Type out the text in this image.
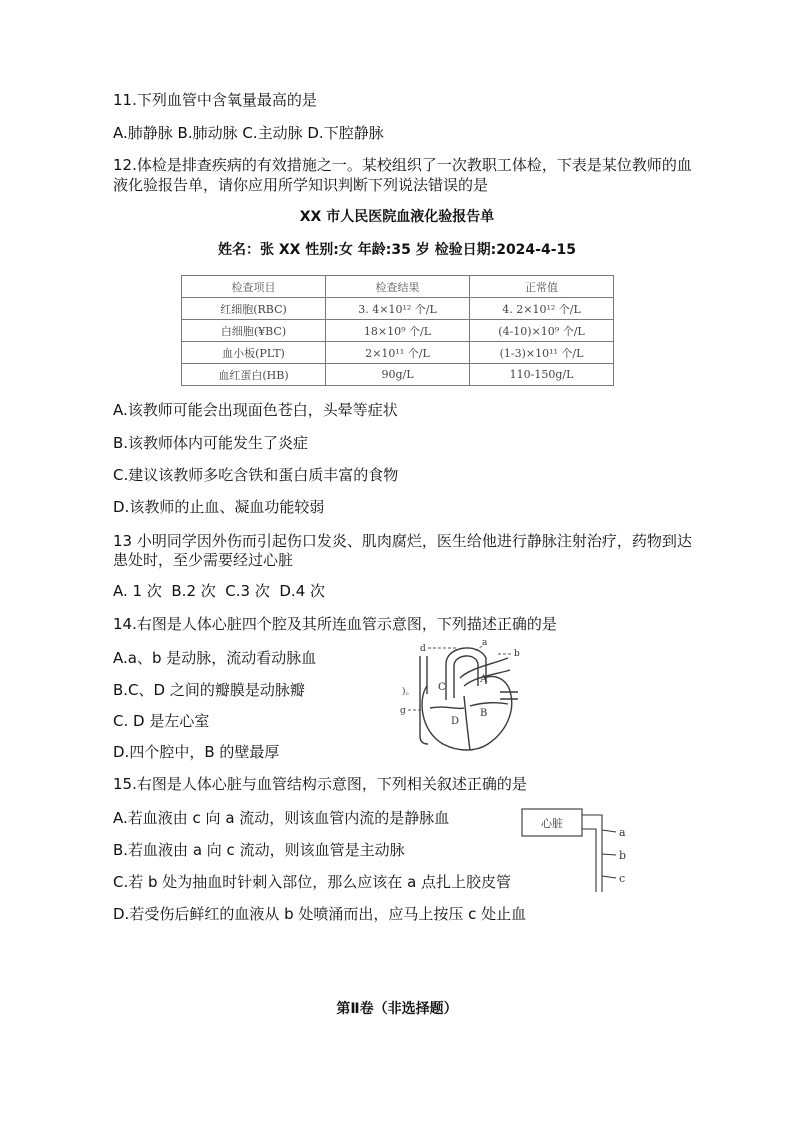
11.下列血管中含氧量最高的是
A.肺静脉 B.肺动脉 C.主动脉 D.下腔静脉
12.体检是排查疾病的有效措施之一。某校组织了一次教职工体检，下表是某位教师的血
液化验报告单，请你应用所学知识判断下列说法错误的是
XX 市人民医院血液化验报告单
姓名：张 XX 性别:女 年龄:35 岁 检验日期:2024-4-15
检查项目	检查结果	正常值
红细胞(RBC)	3. 4×10¹² 个/L	4. 2×10¹² 个/L
白细胞(¥BC)	18×10⁹ 个/L	(4-10)×10⁹ 个/L
血小板(PLT)	2×10¹¹ 个/L	(1-3)×10¹¹ 个/L
血红蛋白(HB)	90g/L	110-150g/L
A.该教师可能会出现面色苍白，头晕等症状
B.该教师体内可能发生了炎症
C.建议该教师多吃含铁和蛋白质丰富的食物
D.该教师的止血、凝血功能较弱
13 小明同学因外伤而引起伤口发炎、肌肉腐烂，医生给他进行静脉注射治疗，药物到达
患处时，至少需要经过心脏
A. 1 次  B.2 次  C.3 次  D.4 次
14.右图是人体心脏四个腔及其所连血管示意图，下列描述正确的是
A.a、b 是动脉，流动看动脉血
B.C、D 之间的瓣膜是动脉瓣
C. D 是左心室
D.四个腔中，B 的壁最厚
d
a
b
)。
g
C
A
B
D
15.右图是人体心脏与血管结构示意图，下列相关叙述正确的是
A.若血液由 c 向 a 流动，则该血管内流的是静脉血
B.若血液由 a 向 c 流动，则该血管是主动脉
C.若 b 处为抽血时针刺入部位，那么应该在 a 点扎上胶皮管
D.若受伤后鲜红的血液从 b 处喷涌而出，应马上按压 c 处止血
心脏
a
b
c
第Ⅱ卷（非选择题）
